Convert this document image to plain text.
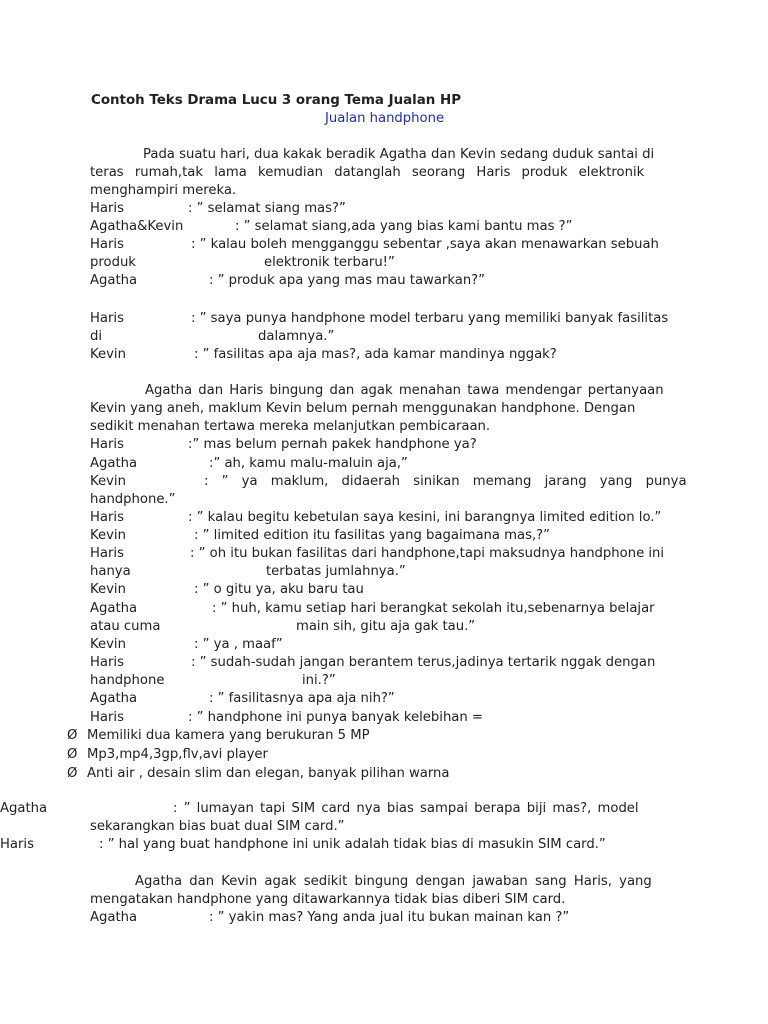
Contoh Teks Drama Lucu 3 orang Tema Jualan HP
Jualan handphone
Pada suatu hari, dua kakak beradik Agatha dan Kevin sedang duduk santai di
teras rumah,tak lama kemudian datanglah seorang Haris produk elektronik
menghampiri mereka.
Haris	: ” selamat siang mas?”
Agatha&Kevin	: ” selamat siang,ada yang bias kami bantu mas ?”
Haris	: ” kalau boleh mengganggu sebentar ,saya akan menawarkan sebuah
produk	elektronik terbaru!”
Agatha	: ” produk apa yang mas mau tawarkan?”
Haris	: ” saya punya handphone model terbaru yang memiliki banyak fasilitas
di	dalamnya.”
Kevin	: ” fasilitas apa aja mas?, ada kamar mandinya nggak?
Agatha dan Haris bingung dan agak menahan tawa mendengar pertanyaan
Kevin yang aneh, maklum Kevin belum pernah menggunakan handphone. Dengan
sedikit menahan tertawa mereka melanjutkan pembicaraan.
Haris	:” mas belum pernah pakek handphone ya?
Agatha	:” ah, kamu malu-maluin aja,”
Kevin	: ” ya maklum, didaerah sinikan memang jarang yang punya
handphone.”
Haris	: ” kalau begitu kebetulan saya kesini, ini barangnya limited edition lo.”
Kevin	: ” limited edition itu fasilitas yang bagaimana mas,?”
Haris	: ” oh itu bukan fasilitas dari handphone,tapi maksudnya handphone ini
hanya	terbatas jumlahnya.”
Kevin	: ” o gitu ya, aku baru tau
Agatha	: ” huh, kamu setiap hari berangkat sekolah itu,sebenarnya belajar
atau cuma	main sih, gitu aja gak tau.”
Kevin	: ” ya , maaf”
Haris	: ” sudah-sudah jangan berantem terus,jadinya tertarik nggak dengan
handphone	ini.?”
Agatha	: ” fasilitasnya apa aja nih?”
Haris	: ” handphone ini punya banyak kelebihan =
Ø Memiliki dua kamera yang berukuran 5 MP
Ø Mp3,mp4,3gp,flv,avi player
Ø Anti air , desain slim dan elegan, banyak pilihan warna
Agatha	: ” lumayan tapi SIM card nya bias sampai berapa biji mas?, model
sekarangkan bias buat dual SIM card.”
Haris	: ” hal yang buat handphone ini unik adalah tidak bias di masukin SIM card.”
Agatha dan Kevin agak sedikit bingung dengan jawaban sang Haris, yang
mengatakan handphone yang ditawarkannya tidak bias diberi SIM card.
Agatha	: ” yakin mas? Yang anda jual itu bukan mainan kan ?”
